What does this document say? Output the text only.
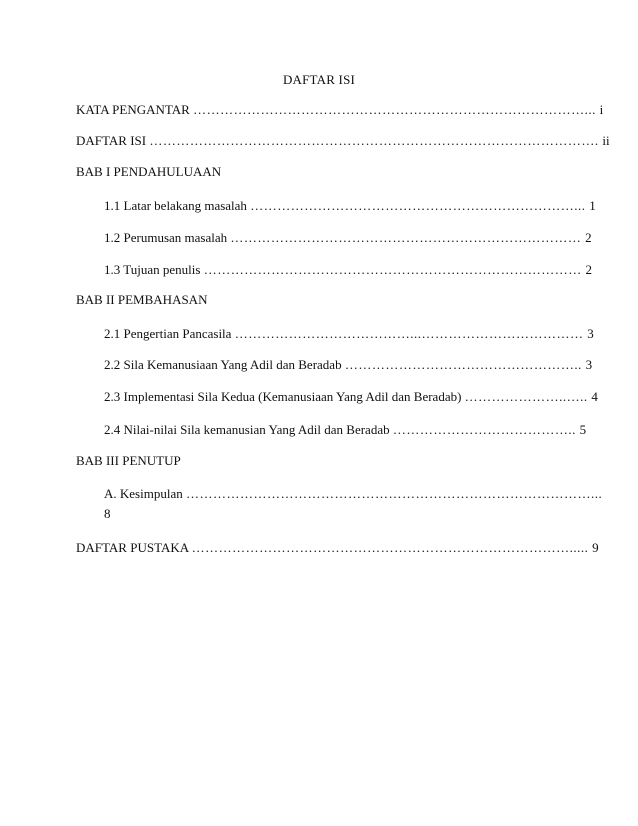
DAFTAR ISI
KATA PENGANTAR ……………………………………………………………………………... i
DAFTAR ISI ………………………………………………………………………………………. ii
BAB I PENDAHULUAAN
1.1 Latar belakang masalah ………………………………………………………………... 1
1.2 Perumusan masalah …………………………………………………………………… 2
1.3 Tujuan penulis ………………………………………………………………………… 2
BAB II PEMBAHASAN
2.1 Pengertian Pancasila …………………………………...……………………………… 3
2.2 Sila Kemanusiaan Yang Adil dan Beradab …………………………………………….. 3
2.3 Implementasi Sila Kedua (Kemanusiaan Yang Adil dan Beradab) …………………..….. 4
2.4 Nilai-nilai Sila kemanusian Yang Adil dan Beradab ………………………………….. 5
BAB III PENUTUP
A. Kesimpulan ………………………………………………………………………………...
8
DAFTAR PUSTAKA …………………………………………………………………………..... 9
